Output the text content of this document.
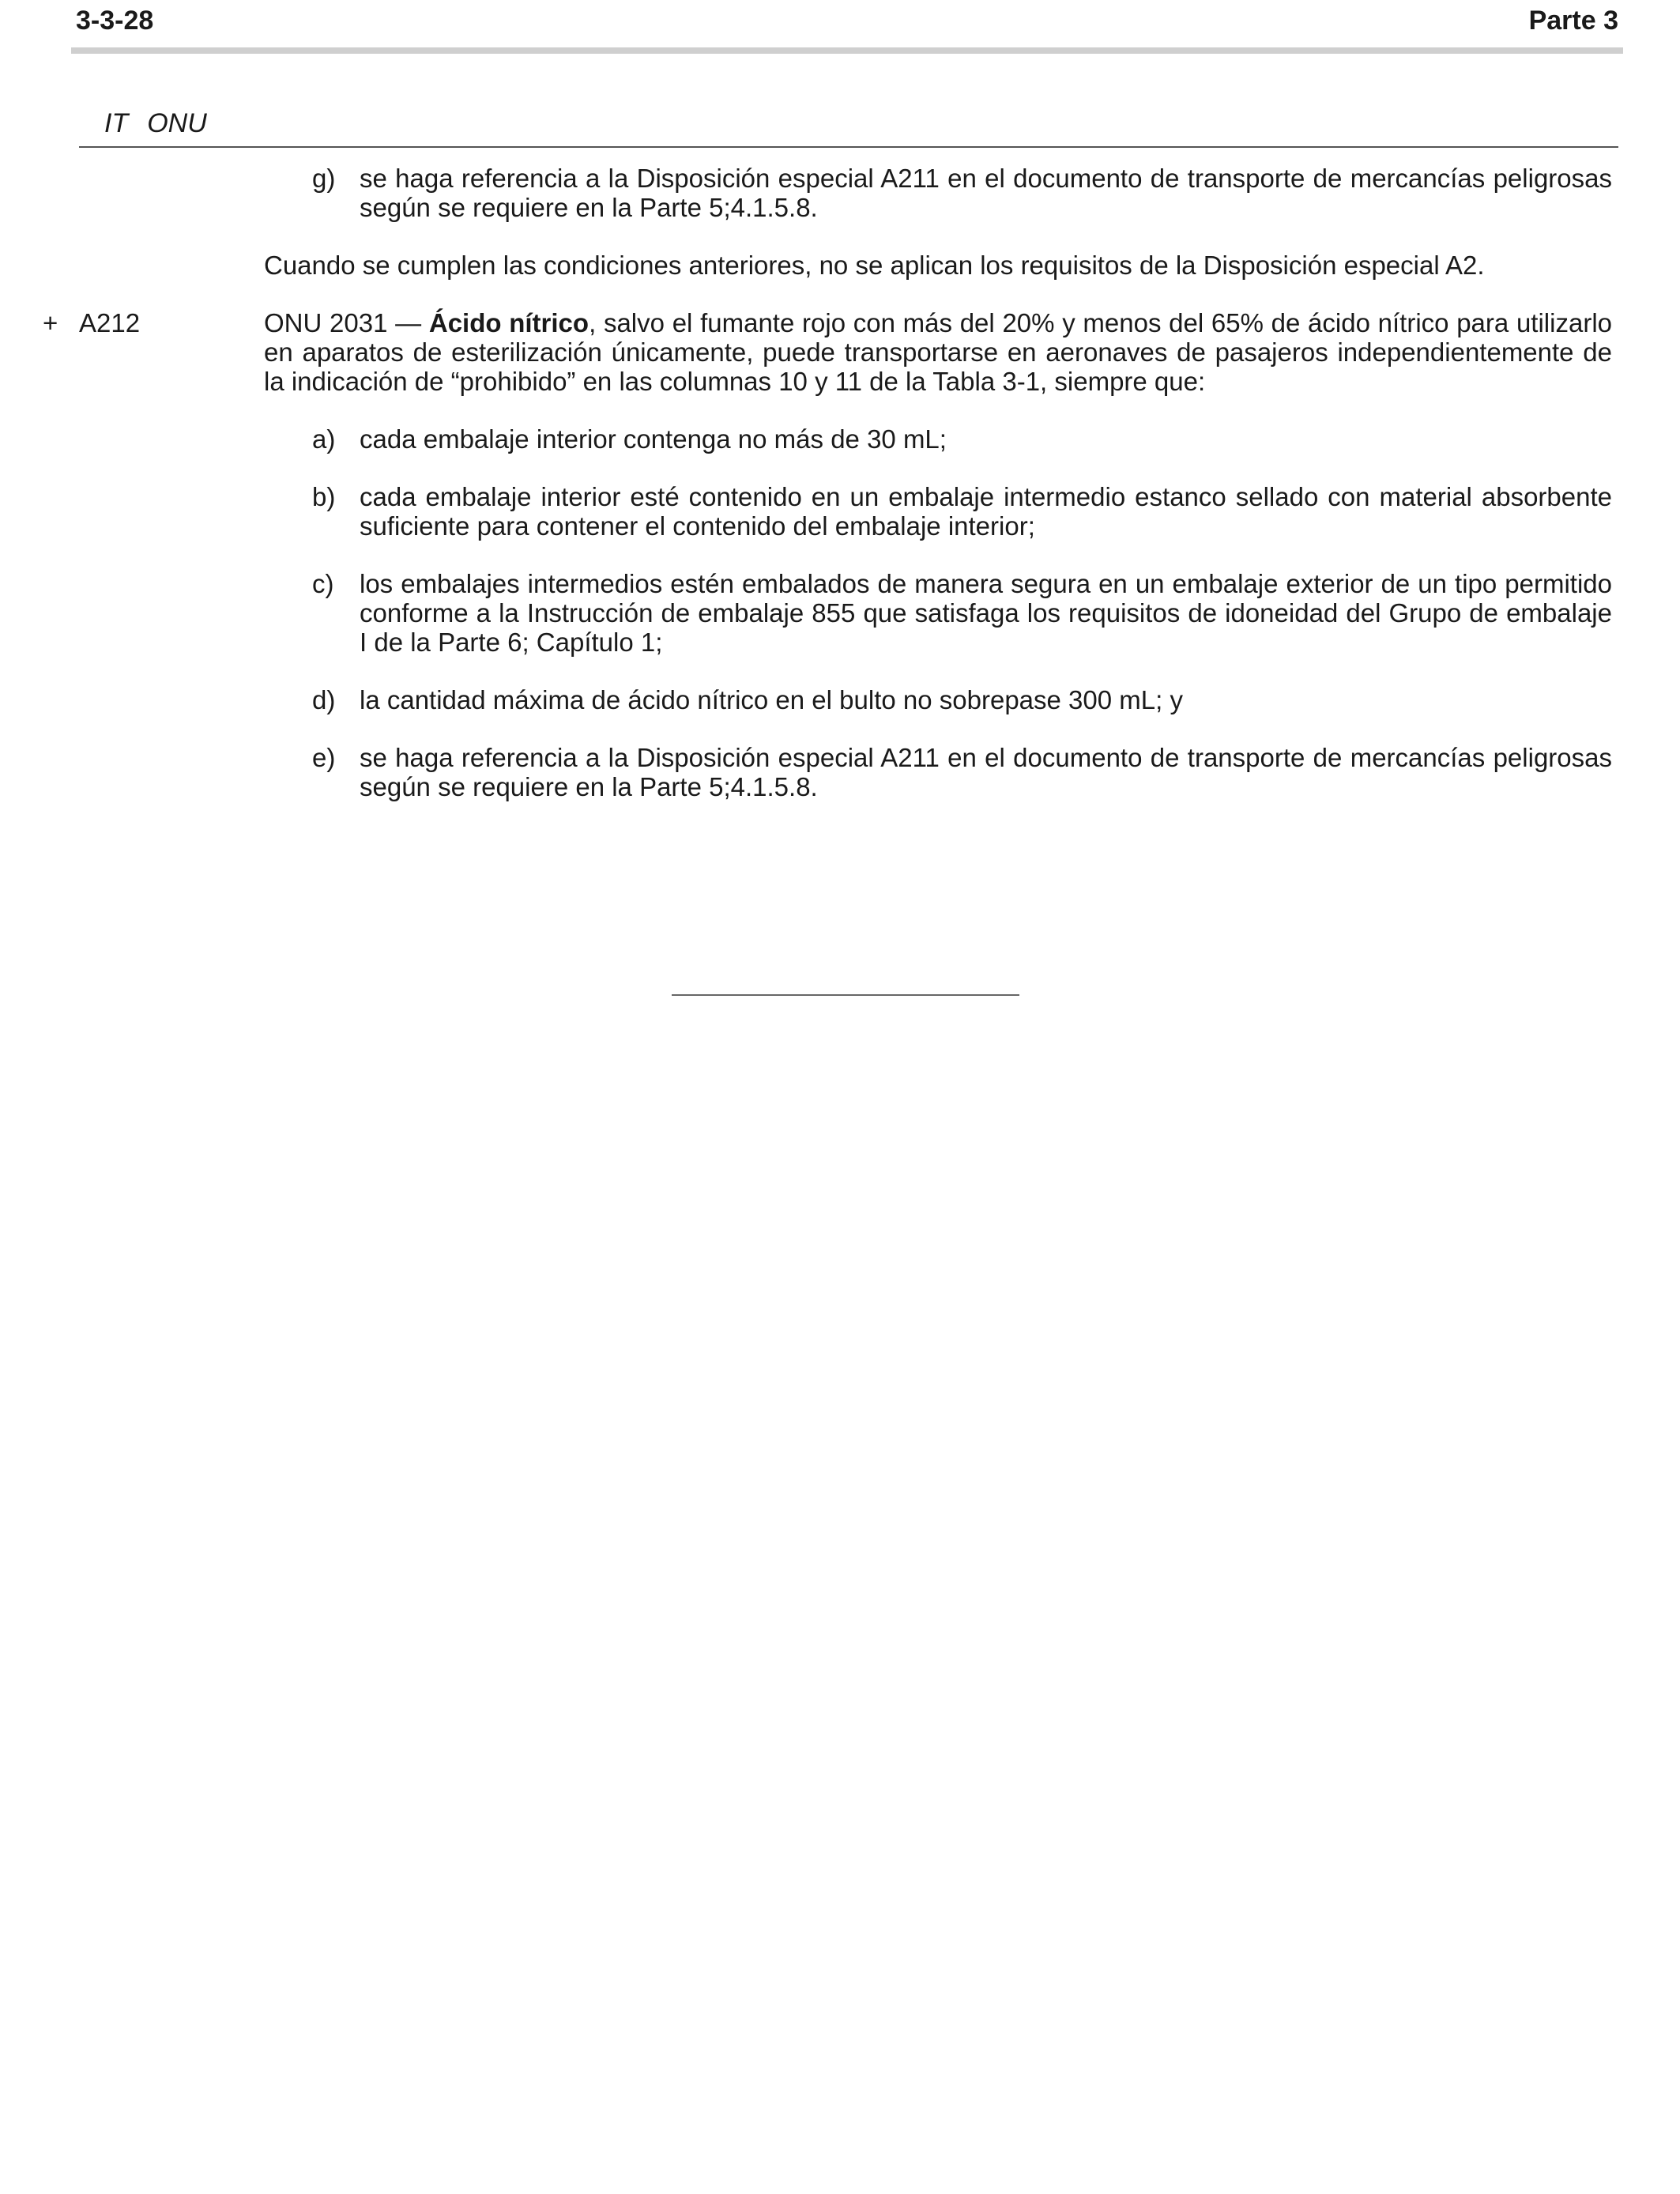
3-3-28	Parte 3
IT ONU
g) se haga referencia a la Disposición especial A211 en el documento de transporte de mercancías peligrosas según se requiere en la Parte 5;4.1.5.8.
Cuando se cumplen las condiciones anteriores, no se aplican los requisitos de la Disposición especial A2.
+ A212	ONU 2031 — Ácido nítrico, salvo el fumante rojo con más del 20% y menos del 65% de ácido nítrico para utilizarlo en aparatos de esterilización únicamente, puede transportarse en aeronaves de pasajeros independientemente de la indicación de “prohibido” en las columnas 10 y 11 de la Tabla 3-1, siempre que:
a) cada embalaje interior contenga no más de 30 mL;
b) cada embalaje interior esté contenido en un embalaje intermedio estanco sellado con material absorbente suficiente para contener el contenido del embalaje interior;
c) los embalajes intermedios estén embalados de manera segura en un embalaje exterior de un tipo permitido conforme a la Instrucción de embalaje 855 que satisfaga los requisitos de idoneidad del Grupo de embalaje I de la Parte 6; Capítulo 1;
d) la cantidad máxima de ácido nítrico en el bulto no sobrepase 300 mL; y
e) se haga referencia a la Disposición especial A211 en el documento de transporte de mercancías peligrosas según se requiere en la Parte 5;4.1.5.8.
